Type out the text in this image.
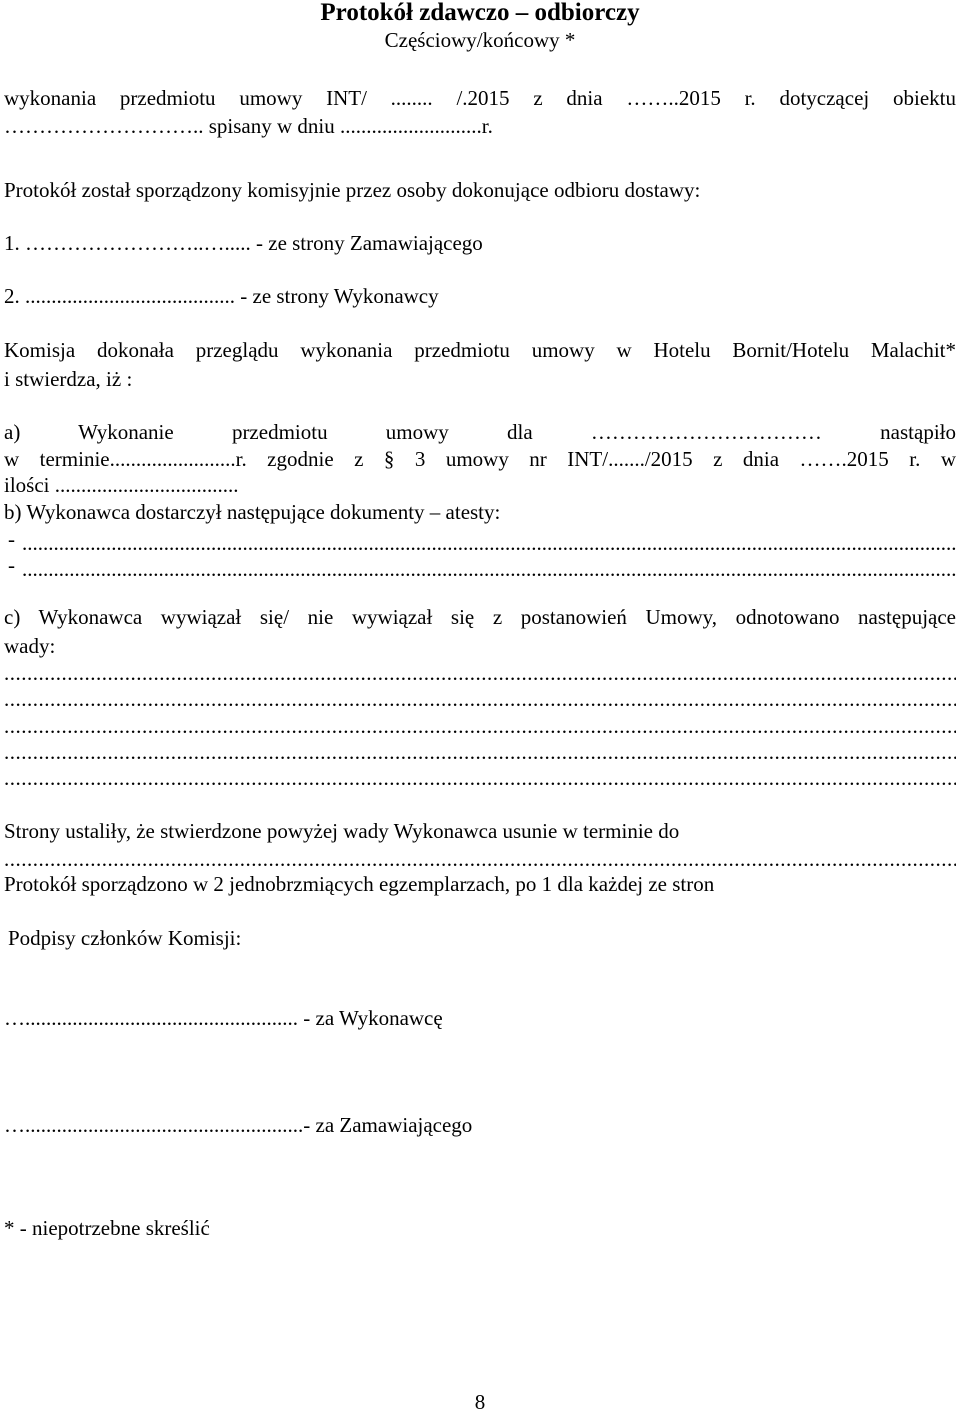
Protokół zdawczo – odbiorczy
Częściowy/końcowy *
wykonania przedmiotu umowy INT/ ........ /.2015 z dnia ……..2015 r. dotyczącej obiektu
……………………….. spisany w dniu ...........................r.
Protokół został sporządzony komisyjnie przez osoby dokonujące odbioru dostawy:
1. ……………………..…..... - ze strony Zamawiającego
2. ........................................ - ze strony Wykonawcy
Komisja dokonała przeglądu wykonania przedmiotu umowy w Hotelu Bornit/Hotelu Malachit*
i stwierdza, iż :
a) Wykonanie przedmiotu umowy dla …………………………… nastąpiło
w terminie........................r. zgodnie z § 3 umowy nr INT/......./2015 z dnia …….2015 r. w
ilości ...................................
b) Wykonawca dostarczył następujące dokumenty – atesty:
-
.....
-
.....
c) Wykonawca wywiązał się/ nie wywiązał się z postanowień Umowy, odnotowano następujące
wady:
.....
.....
.....
.....
.....
Strony ustaliły, że stwierdzone powyżej wady Wykonawca usunie w terminie do
.....
Protokół sporządzono w 2 jednobrzmiących egzemplarzach, po 1 dla każdej ze stron
Podpisy członków Komisji:
….................................................... - za Wykonawcę
….....................................................- za Zamawiającego
* - niepotrzebne skreślić
8
